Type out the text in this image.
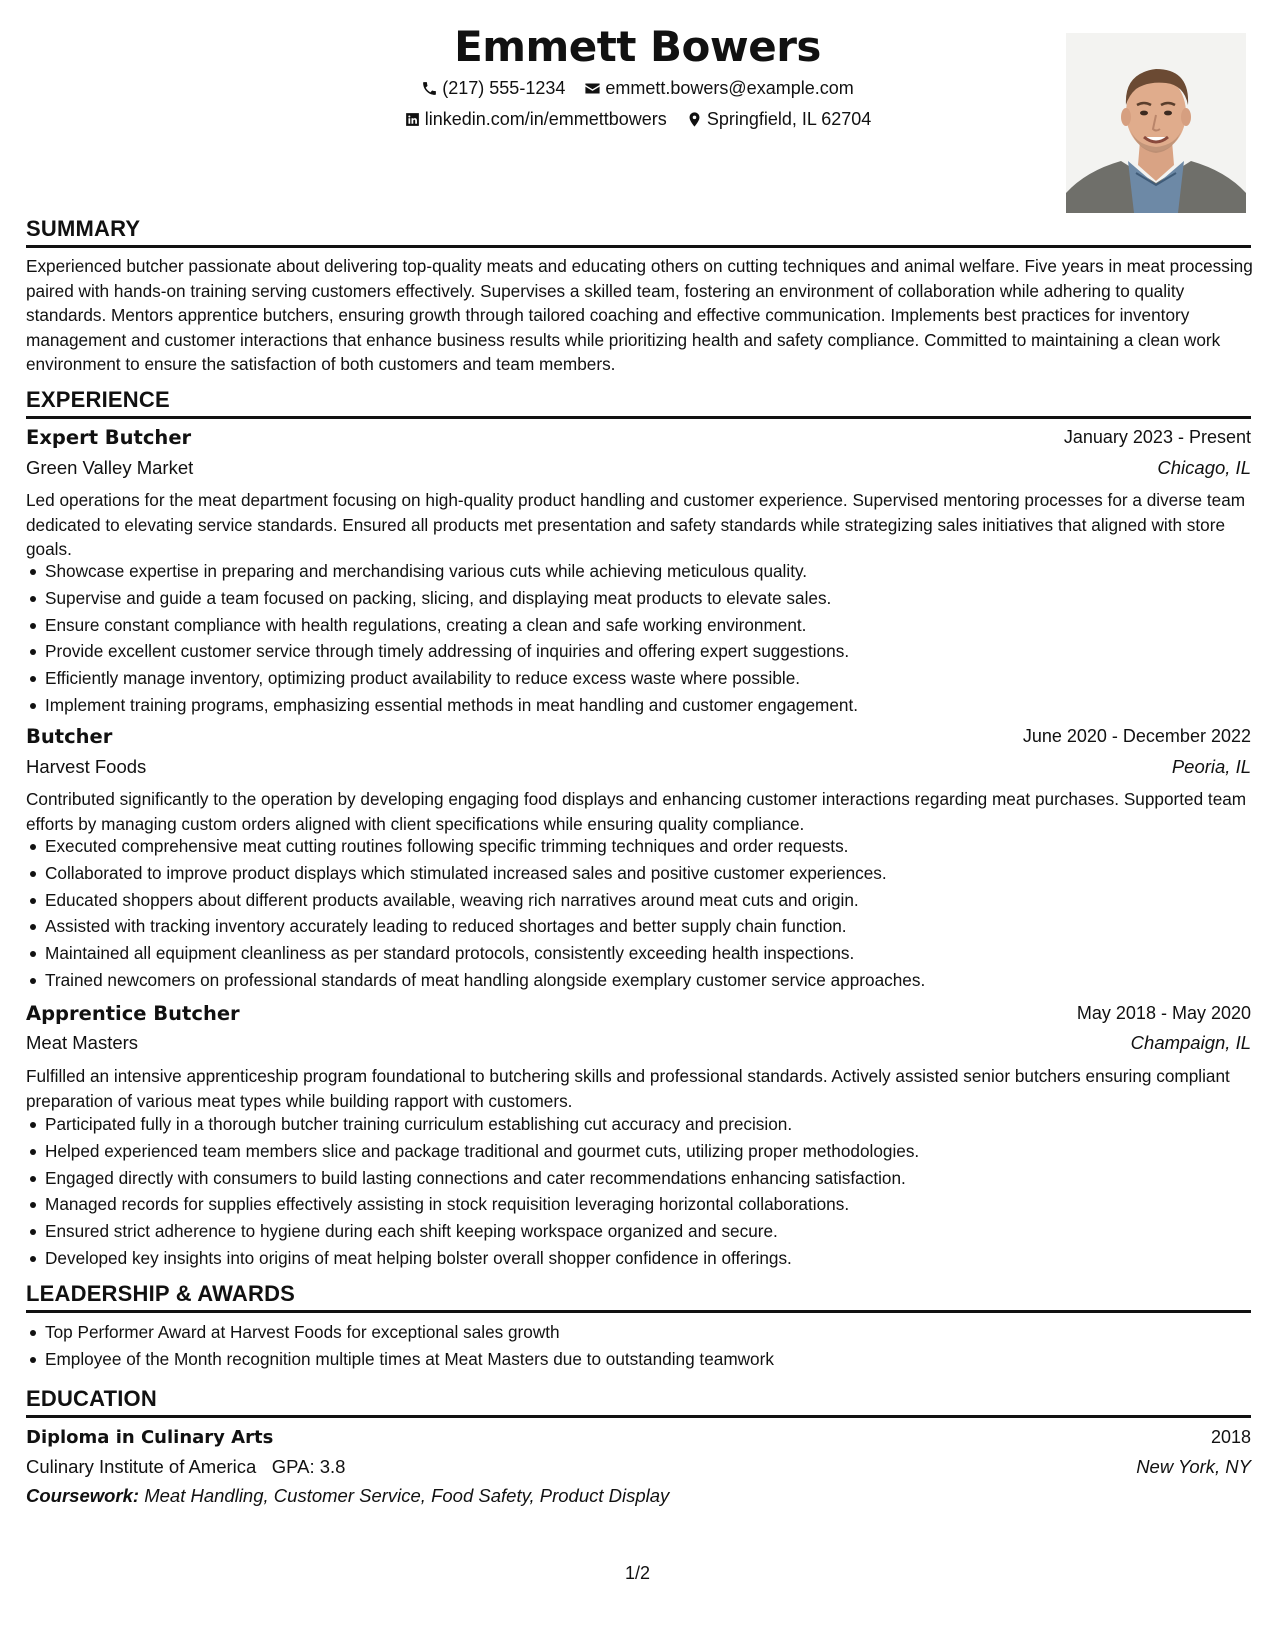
Emmett Bowers
(217) 555-1234
emmett.bowers@example.com
linkedin.com/in/emmettbowers
Springfield, IL 62704
SUMMARY
Experienced butcher passionate about delivering top-quality meats and educating others on cutting techniques and animal welfare. Five years in meat processing paired with hands-on training serving customers effectively. Supervises a skilled team, fostering an environment of collaboration while adhering to quality standards. Mentors apprentice butchers, ensuring growth through tailored coaching and effective communication. Implements best practices for inventory management and customer interactions that enhance business results while prioritizing health and safety compliance. Committed to maintaining a clean work environment to ensure the satisfaction of both customers and team members.
EXPERIENCE
Expert Butcher	January 2023 - Present
Green Valley Market	Chicago, IL
Led operations for the meat department focusing on high-quality product handling and customer experience. Supervised mentoring processes for a diverse team dedicated to elevating service standards. Ensured all products met presentation and safety standards while strategizing sales initiatives that aligned with store goals.
Showcase expertise in preparing and merchandising various cuts while achieving meticulous quality.
Supervise and guide a team focused on packing, slicing, and displaying meat products to elevate sales.
Ensure constant compliance with health regulations, creating a clean and safe working environment.
Provide excellent customer service through timely addressing of inquiries and offering expert suggestions.
Efficiently manage inventory, optimizing product availability to reduce excess waste where possible.
Implement training programs, emphasizing essential methods in meat handling and customer engagement.
Butcher	June 2020 - December 2022
Harvest Foods	Peoria, IL
Contributed significantly to the operation by developing engaging food displays and enhancing customer interactions regarding meat purchases. Supported team efforts by managing custom orders aligned with client specifications while ensuring quality compliance.
Executed comprehensive meat cutting routines following specific trimming techniques and order requests.
Collaborated to improve product displays which stimulated increased sales and positive customer experiences.
Educated shoppers about different products available, weaving rich narratives around meat cuts and origin.
Assisted with tracking inventory accurately leading to reduced shortages and better supply chain function.
Maintained all equipment cleanliness as per standard protocols, consistently exceeding health inspections.
Trained newcomers on professional standards of meat handling alongside exemplary customer service approaches.
Apprentice Butcher	May 2018 - May 2020
Meat Masters	Champaign, IL
Fulfilled an intensive apprenticeship program foundational to butchering skills and professional standards. Actively assisted senior butchers ensuring compliant preparation of various meat types while building rapport with customers.
Participated fully in a thorough butcher training curriculum establishing cut accuracy and precision.
Helped experienced team members slice and package traditional and gourmet cuts, utilizing proper methodologies.
Engaged directly with consumers to build lasting connections and cater recommendations enhancing satisfaction.
Managed records for supplies effectively assisting in stock requisition leveraging horizontal collaborations.
Ensured strict adherence to hygiene during each shift keeping workspace organized and secure.
Developed key insights into origins of meat helping bolster overall shopper confidence in offerings.
LEADERSHIP & AWARDS
Top Performer Award at Harvest Foods for exceptional sales growth
Employee of the Month recognition multiple times at Meat Masters due to outstanding teamwork
EDUCATION
Diploma in Culinary Arts	2018
Culinary Institute of America GPA: 3.8	New York, NY
Coursework: Meat Handling, Customer Service, Food Safety, Product Display
1/2
